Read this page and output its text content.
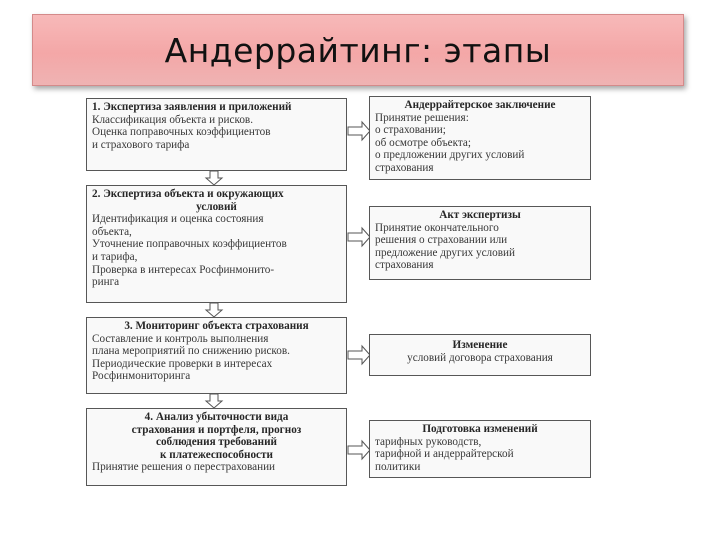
Андеррайтинг: этапы
1. Экспертиза заявления и приложений
Классификация объекта и рисков.
Оценка поправочных коэффициентов
и страхового тарифа
2. Экспертиза объекта и окружающих
условий
Идентификация и оценка состояния
объекта,
Уточнение поправочных коэффициентов
и тарифа,
Проверка в интересах Росфинмонито-
ринга
3. Мониторинг объекта страхования
Составление и контроль выполнения
плана мероприятий по снижению рисков.
Периодические проверки в интересах
Росфинмониторинга
4. Анализ убыточности вида
страхования и портфеля, прогноз
соблюдения требований
к платежеспособности
Принятие решения о перестраховании
Андеррайтерское заключение
Принятие решения:
о страховании;
об осмотре объекта;
о предложении других условий
страхования
Акт экспертизы
Принятие окончательного
решения о страховании или
предложение других условий
страхования
Изменение
условий договора страхования
Подготовка изменений
тарифных руководств,
тарифной и андеррайтерской
политики
